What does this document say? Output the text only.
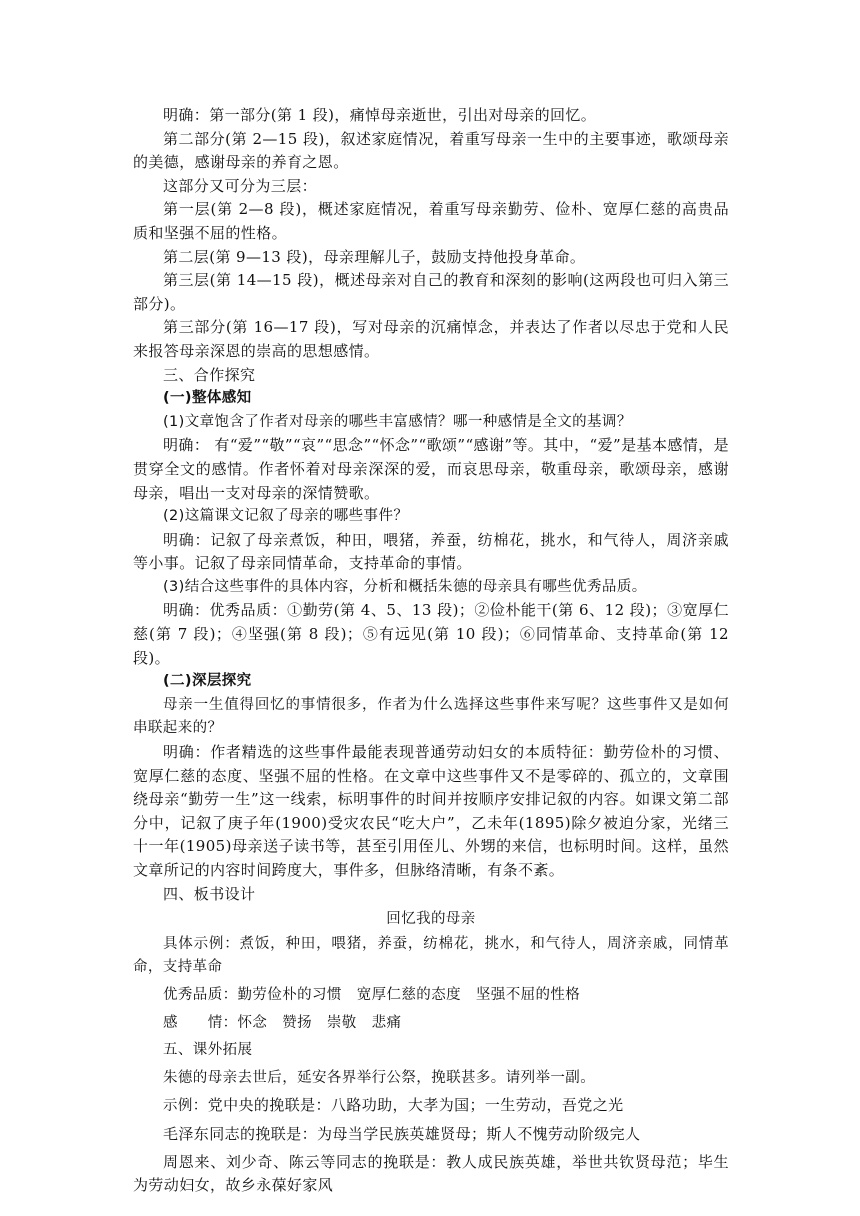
明确：第一部分(第 1 段)，痛悼母亲逝世，引出对母亲的回忆。

第二部分(第 2—15 段)，叙述家庭情况，着重写母亲一生中的主要事迹，歌颂母亲的美德，感谢母亲的养育之恩。

这部分又可分为三层：

第一层(第 2—8 段)，概述家庭情况，着重写母亲勤劳、俭朴、宽厚仁慈的高贵品质和坚强不屈的性格。

第二层(第 9—13 段)，母亲理解儿子，鼓励支持他投身革命。

第三层(第 14—15 段)，概述母亲对自己的教育和深刻的影响(这两段也可归入第三部分)。

第三部分(第 16—17 段)，写对母亲的沉痛悼念，并表达了作者以尽忠于党和人民来报答母亲深恩的崇高的思想感情。

三、合作探究

(一)整体感知

(1)文章饱含了作者对母亲的哪些丰富感情？哪一种感情是全文的基调？

明确： 有“爱”“敬”“哀”“思念”“怀念”“歌颂”“感谢”等。其中，“爱”是基本感情，是贯穿全文的感情。作者怀着对母亲深深的爱，而哀思母亲，敬重母亲，歌颂母亲，感谢母亲，唱出一支对母亲的深情赞歌。

(2)这篇课文记叙了母亲的哪些事件？

明确：记叙了母亲煮饭，种田，喂猪，养蚕，纺棉花，挑水，和气待人，周济亲戚等小事。记叙了母亲同情革命，支持革命的事情。

(3)结合这些事件的具体内容，分析和概括朱德的母亲具有哪些优秀品质。

明确：优秀品质：①勤劳(第 4、5、13 段)；②俭朴能干(第 6、12 段)；③宽厚仁慈(第 7 段)；④坚强(第 8 段)；⑤有远见(第 10 段)；⑥同情革命、支持革命(第 12 段)。

(二)深层探究

母亲一生值得回忆的事情很多，作者为什么选择这些事件来写呢？这些事件又是如何串联起来的？

明确：作者精选的这些事件最能表现普通劳动妇女的本质特征：勤劳俭朴的习惯、宽厚仁慈的态度、坚强不屈的性格。在文章中这些事件又不是零碎的、孤立的，文章围绕母亲“勤劳一生”这一线索，标明事件的时间并按顺序安排记叙的内容。如课文第二部分中，记叙了庚子年(1900)受灾农民“吃大户”，乙未年(1895)除夕被迫分家，光绪三十一年(1905)母亲送子读书等，甚至引用侄儿、外甥的来信，也标明时间。这样，虽然文章所记的内容时间跨度大，事件多，但脉络清晰，有条不紊。

四、板书设计

回忆我的母亲

具体示例：煮饭，种田，喂猪，养蚕，纺棉花，挑水，和气待人，周济亲戚，同情革命，支持革命

优秀品质：勤劳俭朴的习惯　宽厚仁慈的态度　坚强不屈的性格

感　　情：怀念　赞扬　崇敬　悲痛

五、课外拓展

朱德的母亲去世后，延安各界举行公祭，挽联甚多。请列举一副。

示例：党中央的挽联是：八路功助，大孝为国；一生劳动，吾党之光

毛泽东同志的挽联是：为母当学民族英雄贤母；斯人不愧劳动阶级完人

周恩来、刘少奇、陈云等同志的挽联是：教人成民族英雄，举世共钦贤母范；毕生为劳动妇女，故乡永葆好家风
